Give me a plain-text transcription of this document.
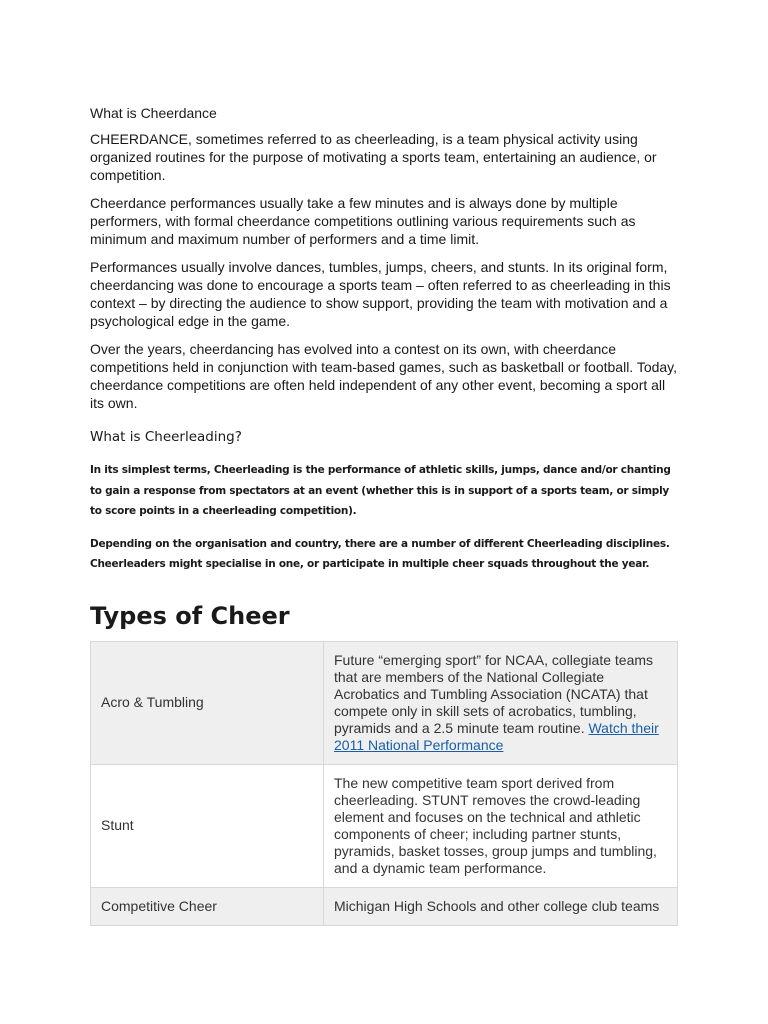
What is Cheerdance

CHEERDANCE, sometimes referred to as cheerleading, is a team physical activity using organized routines for the purpose of motivating a sports team, entertaining an audience, or competition.

Cheerdance performances usually take a few minutes and is always done by multiple performers, with formal cheerdance competitions outlining various requirements such as minimum and maximum number of performers and a time limit.

Performances usually involve dances, tumbles, jumps, cheers, and stunts. In its original form, cheerdancing was done to encourage a sports team – often referred to as cheerleading in this context – by directing the audience to show support, providing the team with motivation and a psychological edge in the game.

Over the years, cheerdancing has evolved into a contest on its own, with cheerdance competitions held in conjunction with team-based games, such as basketball or football. Today, cheerdance competitions are often held independent of any other event, becoming a sport all its own.

What is Cheerleading?

In its simplest terms, Cheerleading is the performance of athletic skills, jumps, dance and/or chanting to gain a response from spectators at an event (whether this is in support of a sports team, or simply to score points in a cheerleading competition).

Depending on the organisation and country, there are a number of different Cheerleading disciplines. Cheerleaders might specialise in one, or participate in multiple cheer squads throughout the year.

Types of Cheer
Acro & Tumbling	Future “emerging sport” for NCAA, collegiate teams that are members of the National Collegiate Acrobatics and Tumbling Association (NCATA) that compete only in skill sets of acrobatics, tumbling, pyramids and a 2.5 minute team routine. Watch their 2011 National Performance
Stunt	The new competitive team sport derived from cheerleading. STUNT removes the crowd-leading element and focuses on the technical and athletic components of cheer; including partner stunts, pyramids, basket tosses, group jumps and tumbling, and a dynamic team performance.
Competitive Cheer	Michigan High Schools and other college club teams
